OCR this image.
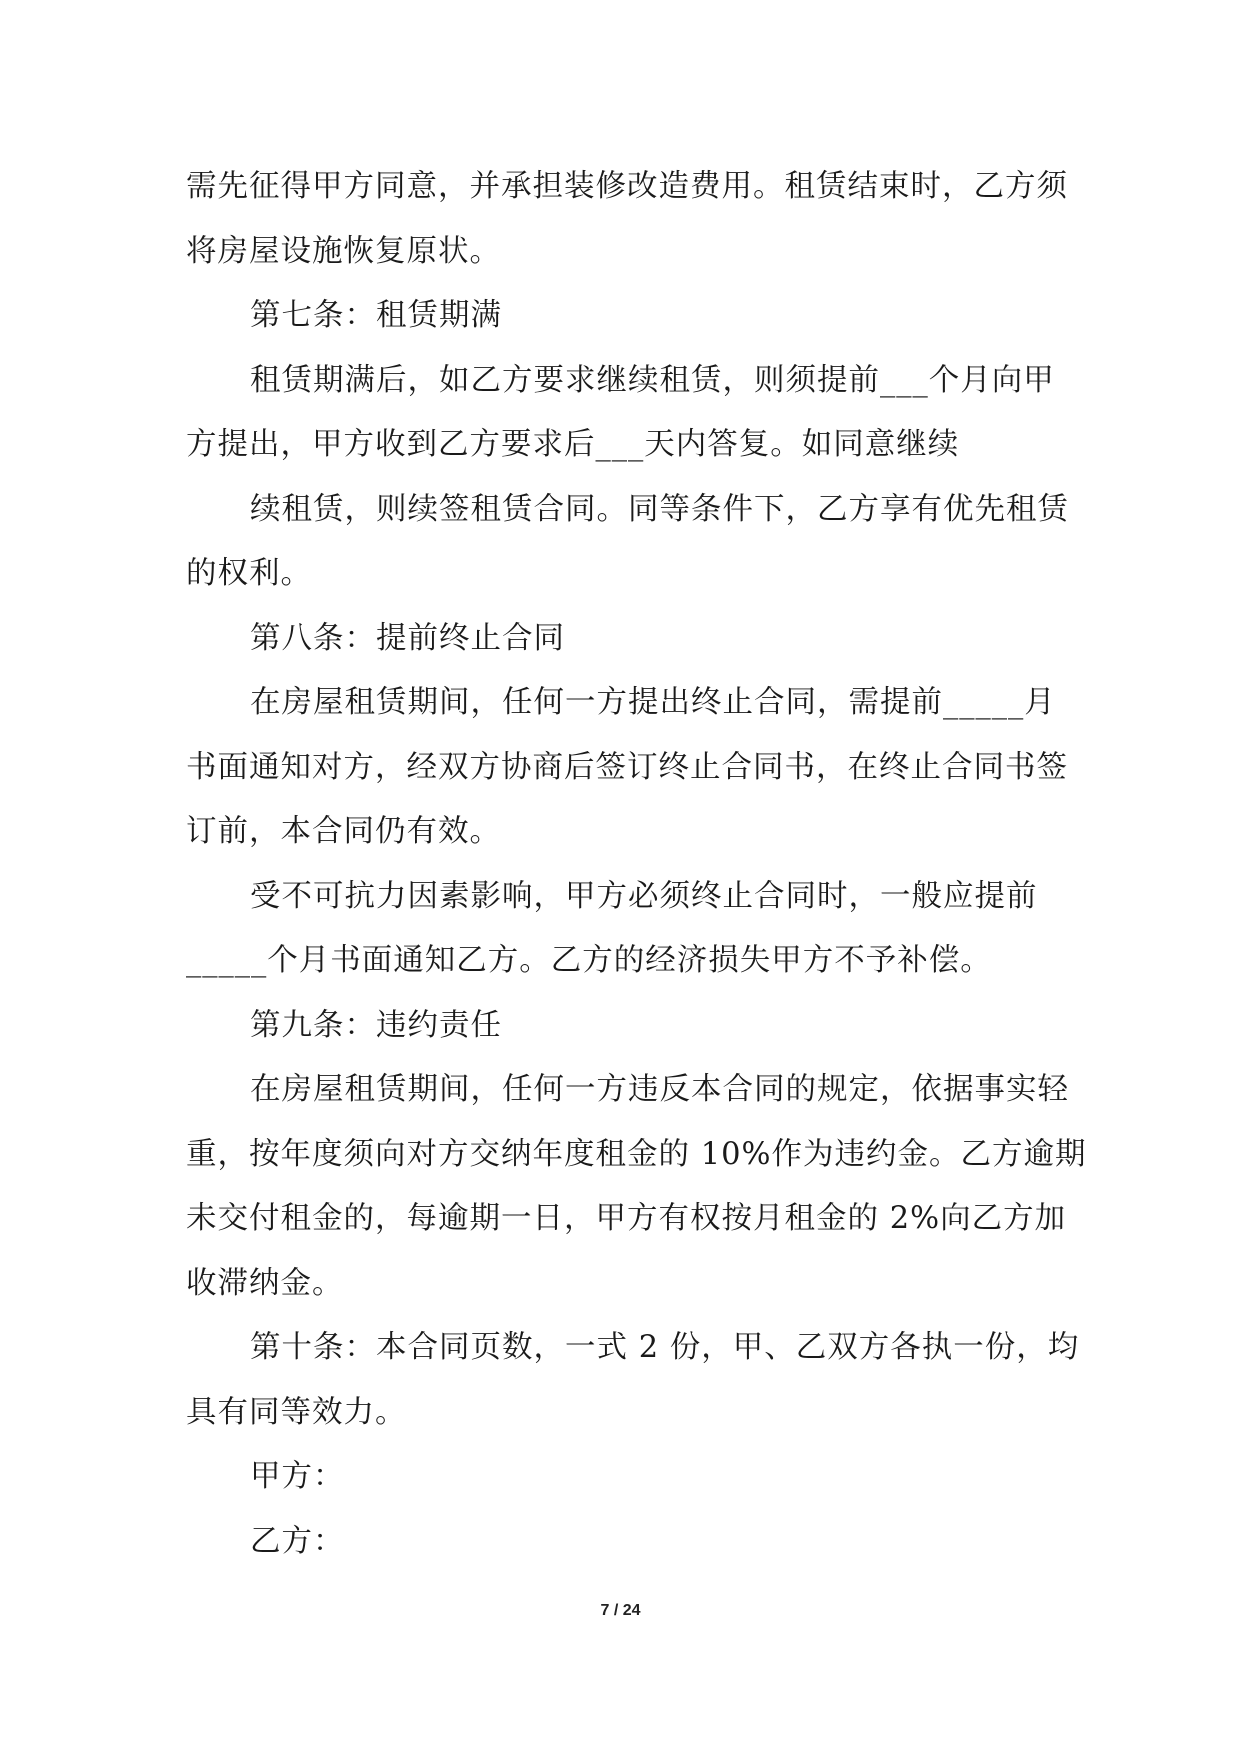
需先征得甲方同意，并承担装修改造费用。租赁结束时，乙方须
将房屋设施恢复原状。
第七条：租赁期满
租赁期满后，如乙方要求继续租赁，则须提前___个月向甲
方提出，甲方收到乙方要求后___天内答复。如同意继续
续租赁，则续签租赁合同。同等条件下，乙方享有优先租赁
的权利。
第八条：提前终止合同
在房屋租赁期间，任何一方提出终止合同，需提前_____月
书面通知对方，经双方协商后签订终止合同书，在终止合同书签
订前，本合同仍有效。
受不可抗力因素影响，甲方必须终止合同时，一般应提前
_____个月书面通知乙方。乙方的经济损失甲方不予补偿。
第九条：违约责任
在房屋租赁期间，任何一方违反本合同的规定，依据事实轻
重，按年度须向对方交纳年度租金的 10%作为违约金。乙方逾期
未交付租金的，每逾期一日，甲方有权按月租金的 2%向乙方加
收滞纳金。
第十条：本合同页数，一式 2 份，甲、乙双方各执一份，均
具有同等效力。
甲方：
乙方：
7 / 24
